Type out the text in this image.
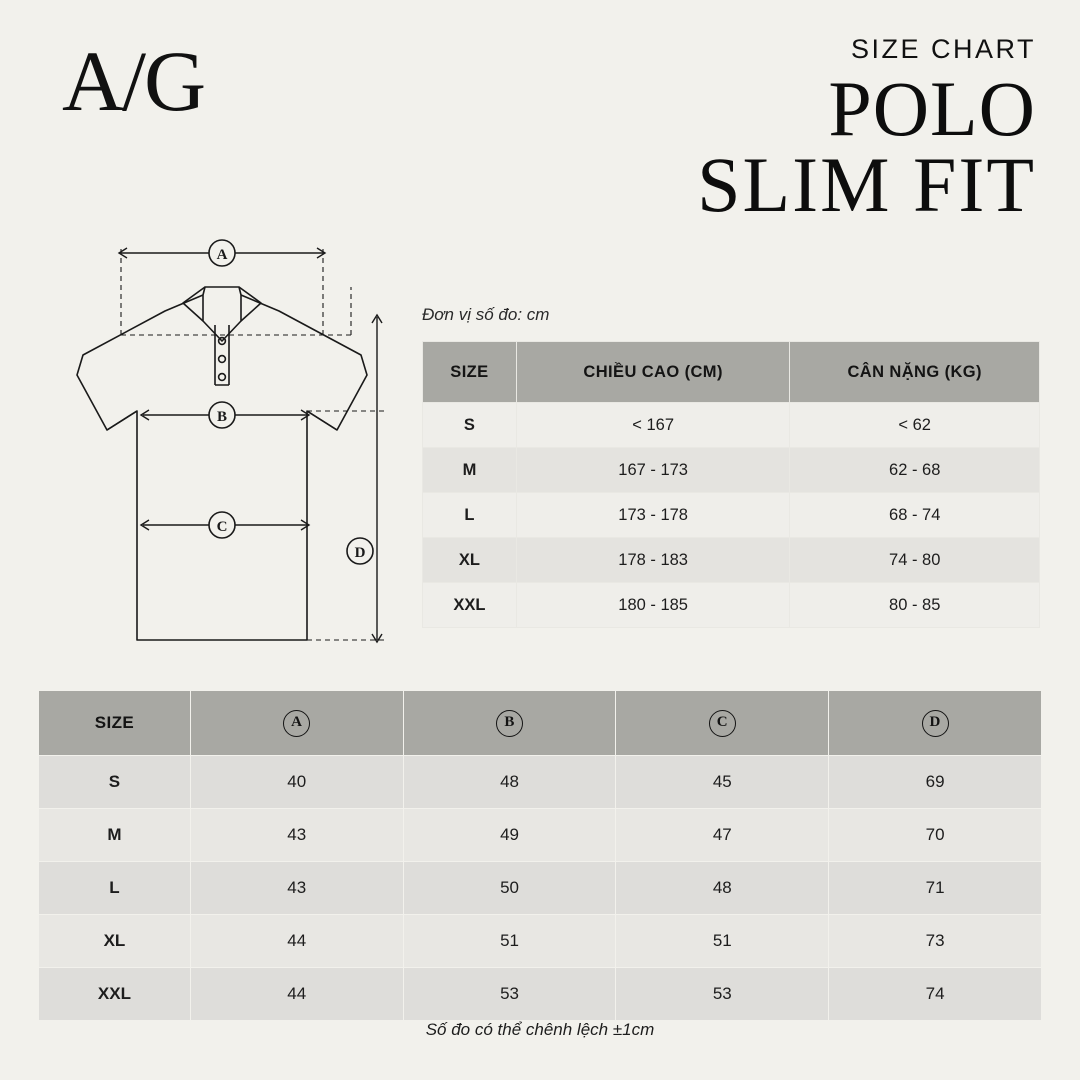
A/G	SIZE CHART
POLO
SLIM FIT
A
B
C
D
Đơn vị số đo: cm
SIZE	CHIỀU CAO (CM)	CÂN NẶNG (KG)
S	< 167	< 62
M	167 - 173	62 - 68
L	173 - 178	68 - 74
XL	178 - 183	74 - 80
XXL	180 - 185	80 - 85
SIZE	A	B	C	D
S	40	48	45	69
M	43	49	47	70
L	43	50	48	71
XL	44	51	51	73
XXL	44	53	53	74
Số đo có thể chênh lệch ±1cm
